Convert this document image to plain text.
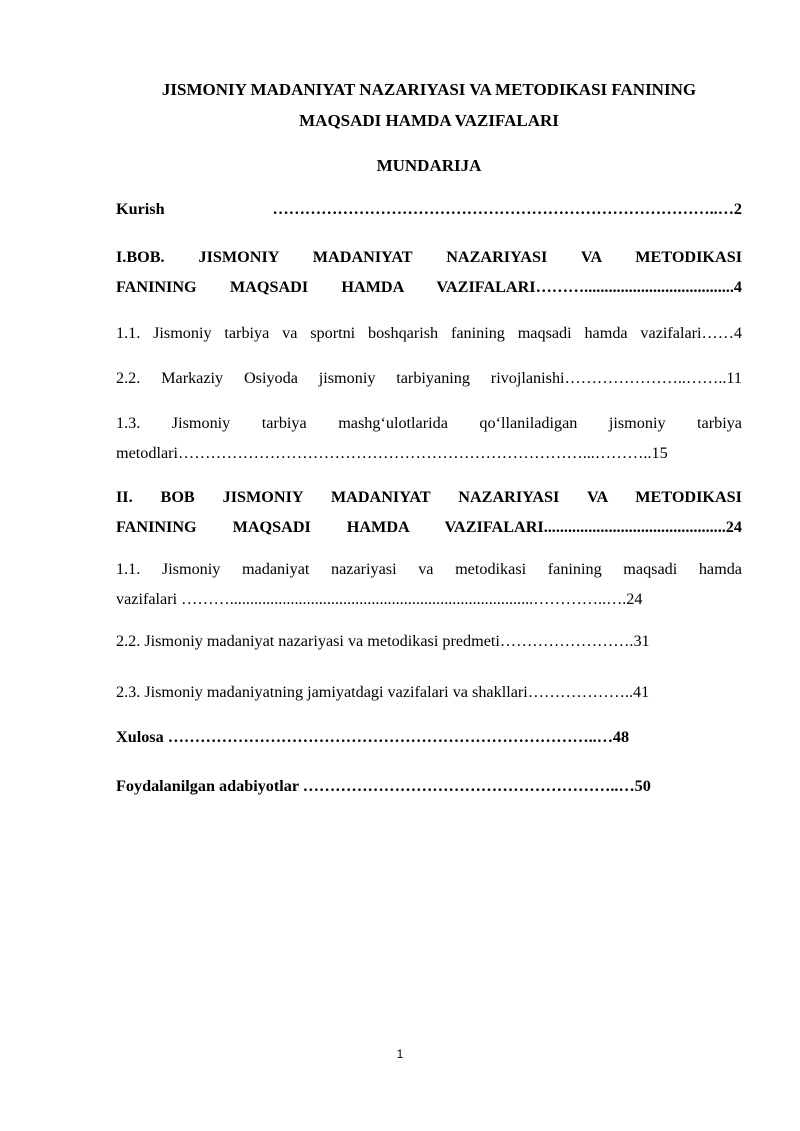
JISMONIY MADANIYAT NAZARIYASI VA METODIKASI FANINING

MAQSADI HAMDA VAZIFALARI

MUNDARIJA
Kurish ………………………………………………………………………..…2
I.BOB. JISMONIY MADANIYAT NAZARIYASI VA METODIKASI
FANINING MAQSADI HAMDA VAZIFALARI……….....................................4
1.1. Jismoniy tarbiya va sportni boshqarish fanining maqsadi hamda vazifalari……4
2.2. Markaziy Osiyoda jismoniy tarbiyaning rivojlanishi…………………..……..11
1.3. Jismoniy tarbiya mashg‘ulotlarida qo‘llaniladigan jismoniy tarbiya
metodlari…………………………………………………………………...………..15
II. BOB JISMONIY MADANIYAT NAZARIYASI VA METODIKASI
FANINING MAQSADI HAMDA VAZIFALARI.............................................24
1.1. Jismoniy madaniyat nazariyasi va metodikasi fanining maqsadi hamda
vazifalari ………...........................................................................…………..….24
2.2. Jismoniy madaniyat nazariyasi va metodikasi predmeti…………………….31
2.3. Jismoniy madaniyatning jamiyatdagi vazifalari va shakllari………………..41
Xulosa ……………………………………………………………………..…48
Foydalanilgan adabiyotlar …………………………………………………..…50
1
